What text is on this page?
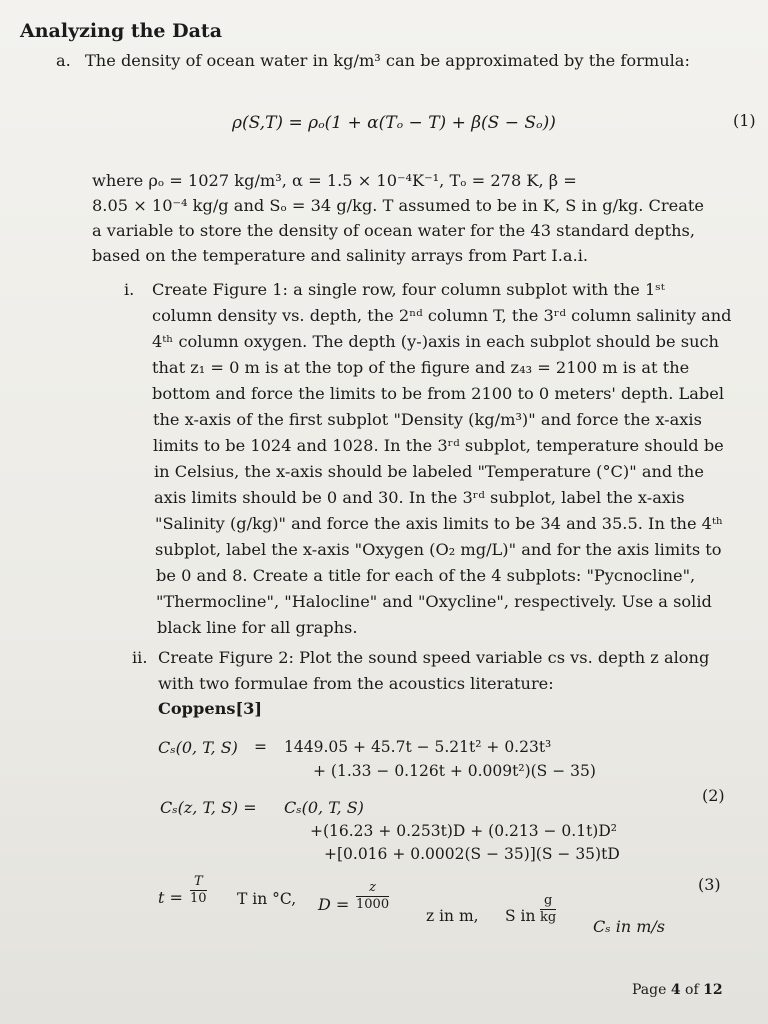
Analyzing the Data
a. The density of ocean water in kg/m³ can be approximated by the formula:
ρ(S,T) = ρₒ(1 + α(Tₒ − T) + β(S − Sₒ))	(1)
where ρₒ = 1027 kg/m³, α = 1.5 × 10⁻⁴K⁻¹, Tₒ = 278 K, β =
8.05 × 10⁻⁴ kg/g and Sₒ = 34 g/kg. T assumed to be in K, S in g/kg. Create
a variable to store the density of ocean water for the 43 standard depths,
based on the temperature and salinity arrays from Part I.a.i.
i. Create Figure 1: a single row, four column subplot with the 1ˢᵗ
column density vs. depth, the 2ⁿᵈ column T, the 3ʳᵈ column salinity and
4ᵗʰ column oxygen. The depth (y-)axis in each subplot should be such
that z₁ = 0 m is at the top of the figure and z₄₃ = 2100 m is at the
bottom and force the limits to be from 2100 to 0 meters' depth. Label
the x-axis of the first subplot "Density (kg/m³)" and force the x-axis
limits to be 1024 and 1028. In the 3ʳᵈ subplot, temperature should be
in Celsius, the x-axis should be labeled "Temperature (°C)" and the
axis limits should be 0 and 30. In the 3ʳᵈ subplot, label the x-axis
"Salinity (g/kg)" and force the axis limits to be 34 and 35.5. In the 4ᵗʰ
subplot, label the x-axis "Oxygen (O₂ mg/L)" and for the axis limits to
be 0 and 8. Create a title for each of the 4 subplots: "Pycnocline",
"Thermocline", "Halocline" and "Oxycline", respectively. Use a solid
black line for all graphs.
ii. Create Figure 2: Plot the sound speed variable cs vs. depth z along
with two formulae from the acoustics literature:
Coppens[3]
Cₛ(0, T, S) = 1449.05 + 45.7t − 5.21t² + 0.23t³
+ (1.33 − 0.126t + 0.009t²)(S − 35)
(2)
Cₛ(z, T, S) = Cₛ(0, T, S)
+(16.23 + 0.253t)D + (0.213 − 0.1t)D²
+[0.016 + 0.0002(S − 35)](S − 35)tD
(3)
$t = \frac{T}{10}$ T in °C, $D = \frac{z}{1000}$
z in m, S in $\frac{g}{kg}$
Cₛ in m/s
Page 4 of 12
